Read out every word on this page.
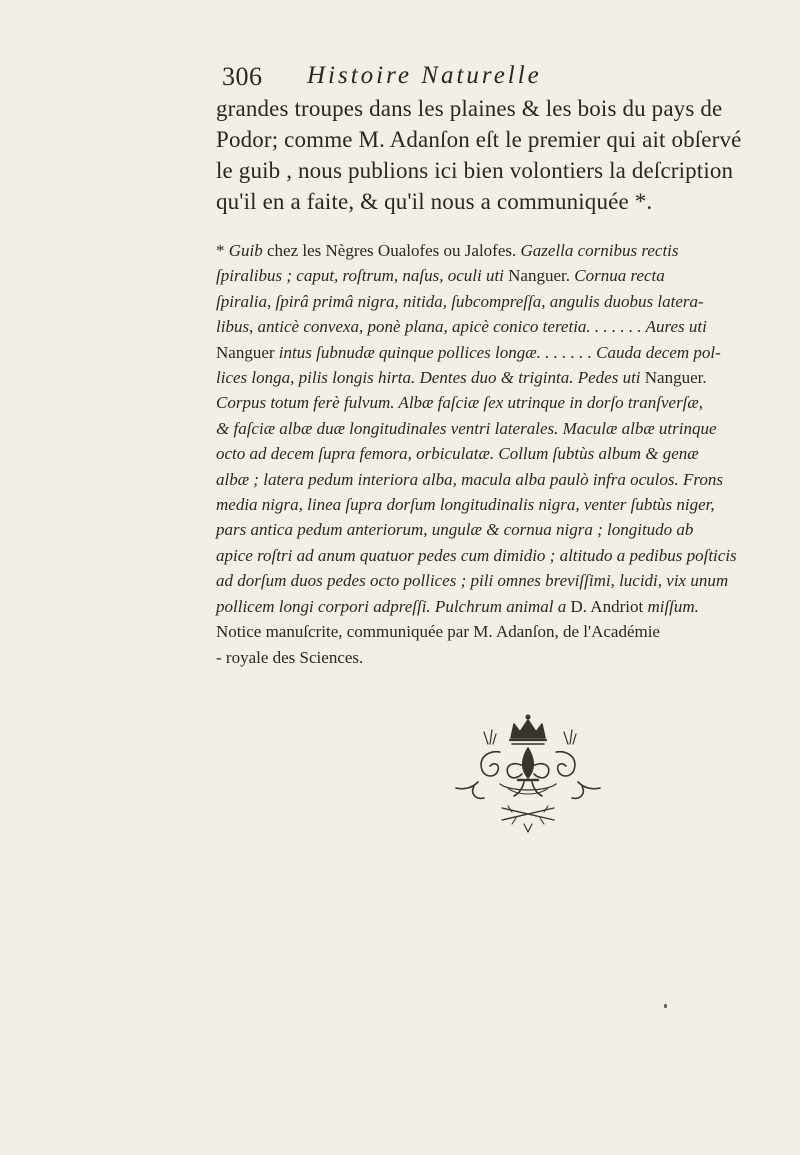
306 Histoire Naturelle
grandes troupes dans les plaines & les bois du pays de
Podor; comme M. Adanſon eſt le premier qui ait obſervé
le guib , nous publions ici bien volontiers la deſcription
qu'il en a faite, & qu'il nous a communiquée *.
* Guib chez les Nègres Oualofes ou Jalofes. Gazella cornibus rectis
ſpiralibus ; caput, roſtrum, naſus, oculi uti Nanguer. Cornua recta
ſpiralia, ſpirâ primâ nigra, nitida, ſubcompreſſa, angulis duobus latera-
libus, anticè convexa, ponè plana, apicè conico teretia. . . . . . . Aures uti
Nanguer intus ſubnudæ quinque pollices longæ. . . . . . . Cauda decem pol-
lices longa, pilis longis hirta. Dentes duo & triginta. Pedes uti Nanguer.
Corpus totum ferè fulvum. Albæ faſciæ ſex utrinque in dorſo tranſverſæ,
& faſciæ albæ duæ longitudinales ventri laterales. Maculæ albæ utrinque
octo ad decem ſupra femora, orbiculatæ. Collum ſubtùs album & genæ
albæ ; latera pedum interiora alba, macula alba paulò infra oculos. Frons
media nigra, linea ſupra dorſum longitudinalis nigra, venter ſubtùs niger,
pars antica pedum anteriorum, ungulæ & cornua nigra ; longitudo ab
apice roſtri ad anum quatuor pedes cum dimidio ; altitudo a pedibus poſticis
ad dorſum duos pedes octo pollices ; pili omnes breviſſimi, lucidi, vix unum
pollicem longi corpori adpreſſi. Pulchrum animal a D. Andriot miſſum.
Notice manuſcrite, communiquée par M. Adanſon, de l'Académie
- royale des Sciences.
